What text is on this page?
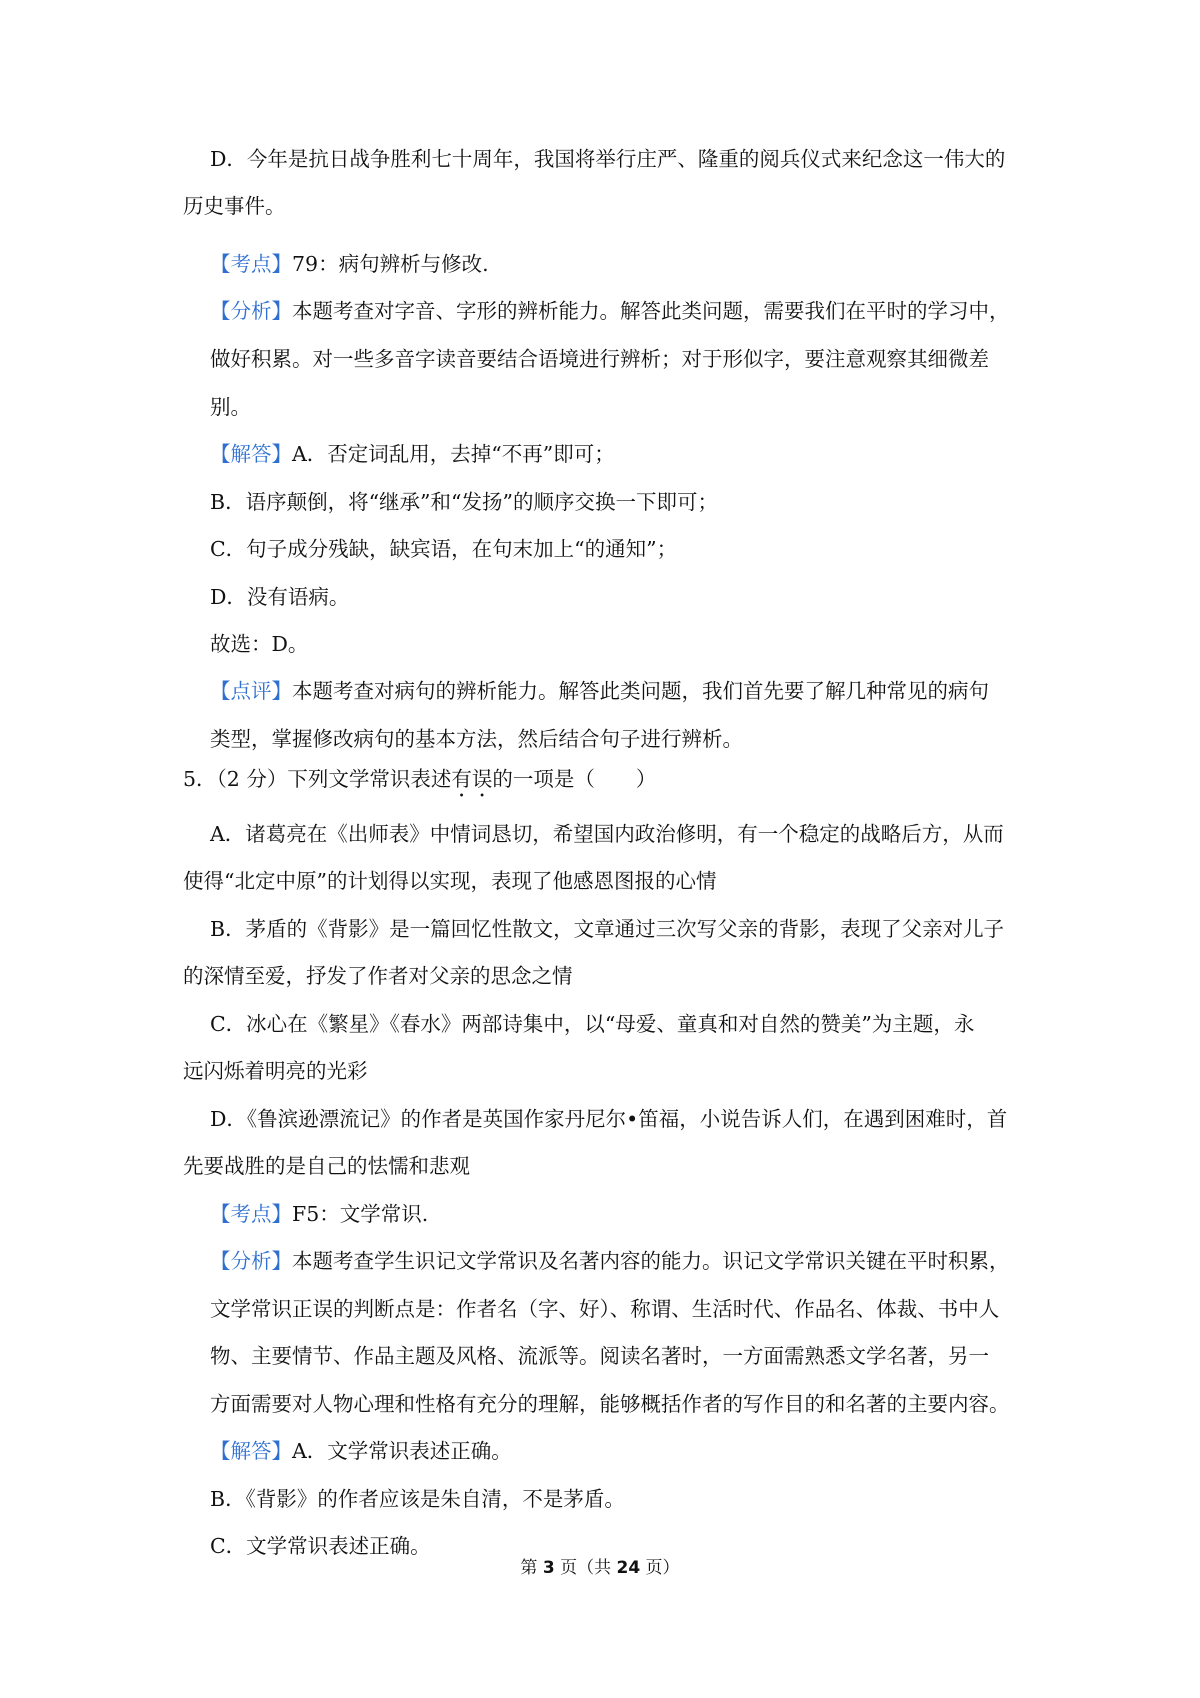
D．今年是抗日战争胜利七十周年，我国将举行庄严、隆重的阅兵仪式来纪念这一伟大的
历史事件。
【考点】79：病句辨析与修改.
【分析】本题考查对字音、字形的辨析能力。解答此类问题，需要我们在平时的学习中，
做好积累。对一些多音字读音要结合语境进行辨析；对于形似字，要注意观察其细微差
别。
【解答】A．否定词乱用，去掉“不再”即可；
B．语序颠倒，将“继承”和“发扬”的顺序交换一下即可；
C．句子成分残缺，缺宾语，在句末加上“的通知”；
D．没有语病。
故选：D。
【点评】本题考查对病句的辨析能力。解答此类问题，我们首先要了解几种常见的病句
类型，掌握修改病句的基本方法，然后结合句子进行辨析。
5．（2 分）下列文学常识表述有误的一项是（　　）
A．诸葛亮在《出师表》中情词恳切，希望国内政治修明，有一个稳定的战略后方，从而
使得“北定中原”的计划得以实现，表现了他感恩图报的心情
B．茅盾的《背影》是一篇回忆性散文，文章通过三次写父亲的背影，表现了父亲对儿子
的深情至爱，抒发了作者对父亲的思念之情
C．冰心在《繁星》《春水》两部诗集中，以“母爱、童真和对自然的赞美”为主题，永
远闪烁着明亮的光彩
D．《鲁滨逊漂流记》的作者是英国作家丹尼尔•笛福，小说告诉人们，在遇到困难时，首
先要战胜的是自己的怯懦和悲观
【考点】F5：文学常识.
【分析】本题考查学生识记文学常识及名著内容的能力。识记文学常识关键在平时积累，
文学常识正误的判断点是：作者名（字、好）、称谓、生活时代、作品名、体裁、书中人
物、主要情节、作品主题及风格、流派等。阅读名著时，一方面需熟悉文学名著，另一
方面需要对人物心理和性格有充分的理解，能够概括作者的写作目的和名著的主要内容。
【解答】A．文学常识表述正确。
B．《背影》的作者应该是朱自清，不是茅盾。
C．文学常识表述正确。
第 3 页（共 24 页）
